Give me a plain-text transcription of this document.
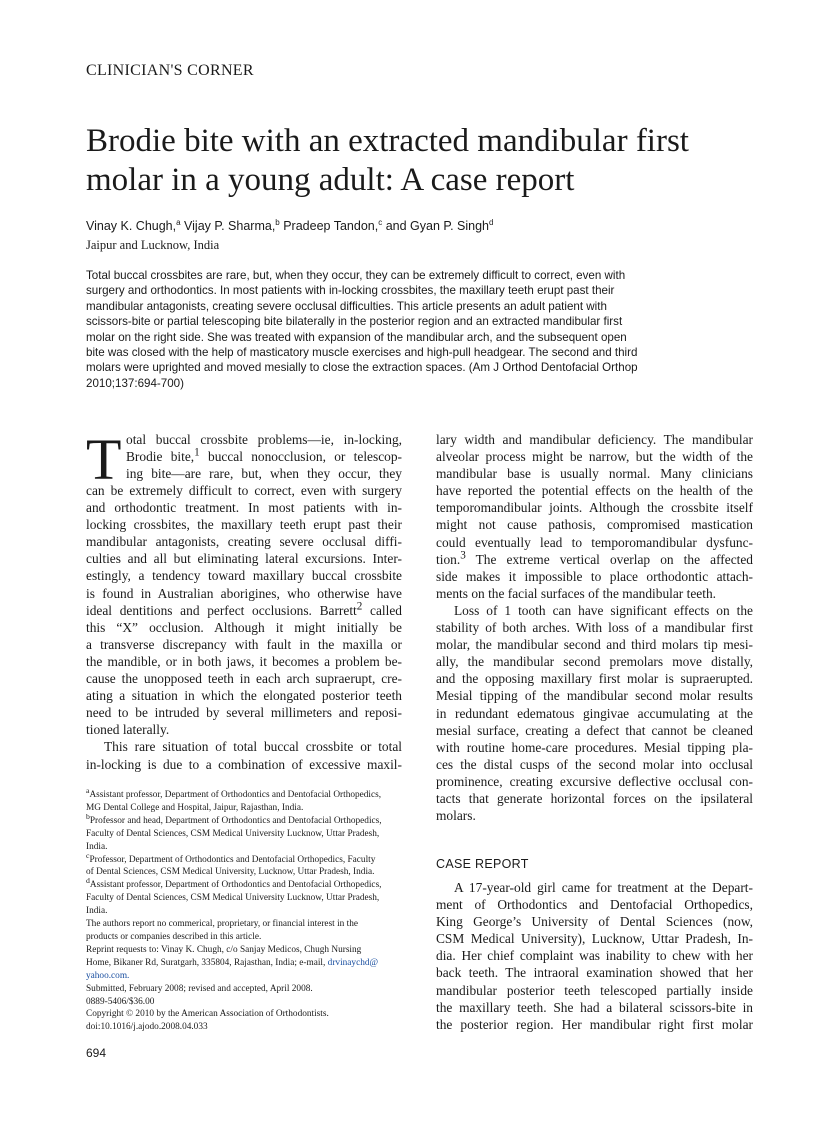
CLINICIAN'S CORNER
Brodie bite with an extracted mandibular first
molar in a young adult: A case report
Vinay K. Chugh,$^a$ Vijay P. Sharma,$^b$ Pradeep Tandon,$^c$ and Gyan P. Singh$^d$
Jaipur and Lucknow, India
Total buccal crossbites are rare, but, when they occur, they can be extremely difficult to correct, even with
surgery and orthodontics. In most patients with in-locking crossbites, the maxillary teeth erupt past their
mandibular antagonists, creating severe occlusal difficulties. This article presents an adult patient with
scissors-bite or partial telescoping bite bilaterally in the posterior region and an extracted mandibular first
molar on the right side. She was treated with expansion of the mandibular arch, and the subsequent open
bite was closed with the help of masticatory muscle exercises and high-pull headgear. The second and third
molars were uprighted and moved mesially to close the extraction spaces. (Am J Orthod Dentofacial Orthop
2010;137:694-700)
T otal buccal crossbite problems—ie, in-locking,
Brodie bite,$^1$ buccal nonocclusion, or telescop-
ing bite—are rare, but, when they occur, they
can be extremely difficult to correct, even with surgery
and orthodontic treatment. In most patients with in-
locking crossbites, the maxillary teeth erupt past their
mandibular antagonists, creating severe occlusal diffi-
culties and all but eliminating lateral excursions. Inter-
estingly, a tendency toward maxillary buccal crossbite
is found in Australian aborigines, who otherwise have
ideal dentitions and perfect occlusions. Barrett$^2$ called
this “X” occlusion. Although it might initially be
a transverse discrepancy with fault in the maxilla or
the mandible, or in both jaws, it becomes a problem be-
cause the unopposed teeth in each arch supraerupt, cre-
ating a situation in which the elongated posterior teeth
need to be intruded by several millimeters and reposi-
tioned laterally.
This rare situation of total buccal crossbite or total
in-locking is due to a combination of excessive maxil-
$^a$Assistant professor, Department of Orthodontics and Dentofacial Orthopedics,
MG Dental College and Hospital, Jaipur, Rajasthan, India.
$^b$Professor and head, Department of Orthodontics and Dentofacial Orthopedics,
Faculty of Dental Sciences, CSM Medical University Lucknow, Uttar Pradesh,
India.
$^c$Professor, Department of Orthodontics and Dentofacial Orthopedics, Faculty
of Dental Sciences, CSM Medical University, Lucknow, Uttar Pradesh, India.
$^d$Assistant professor, Department of Orthodontics and Dentofacial Orthopedics,
Faculty of Dental Sciences, CSM Medical University Lucknow, Uttar Pradesh,
India.
The authors report no commerical, proprietary, or financial interest in the
products or companies described in this article.
Reprint requests to: Vinay K. Chugh, c/o Sanjay Medicos, Chugh Nursing
Home, Bikaner Rd, Suratgarh, 335804, Rajasthan, India; e-mail, drvinaychd@
yahoo.com.
Submitted, February 2008; revised and accepted, April 2008.
0889-5406/$36.00
Copyright © 2010 by the American Association of Orthodontists.
doi:10.1016/j.ajodo.2008.04.033
694
lary width and mandibular deficiency. The mandibular
alveolar process might be narrow, but the width of the
mandibular base is usually normal. Many clinicians
have reported the potential effects on the health of the
temporomandibular joints. Although the crossbite itself
might not cause pathosis, compromised mastication
could eventually lead to temporomandibular dysfunc-
tion.$^3$ The extreme vertical overlap on the affected
side makes it impossible to place orthodontic attach-
ments on the facial surfaces of the mandibular teeth.
Loss of 1 tooth can have significant effects on the
stability of both arches. With loss of a mandibular first
molar, the mandibular second and third molars tip mesi-
ally, the mandibular second premolars move distally,
and the opposing maxillary first molar is supraerupted.
Mesial tipping of the mandibular second molar results
in redundant edematous gingivae accumulating at the
mesial surface, creating a defect that cannot be cleaned
with routine home-care procedures. Mesial tipping pla-
ces the distal cusps of the second molar into occlusal
prominence, creating excursive deflective occlusal con-
tacts that generate horizontal forces on the ipsilateral
molars.
CASE REPORT
A 17-year-old girl came for treatment at the Depart-
ment of Orthodontics and Dentofacial Orthopedics,
King George’s University of Dental Sciences (now,
CSM Medical University), Lucknow, Uttar Pradesh, In-
dia. Her chief complaint was inability to chew with her
back teeth. The intraoral examination showed that her
mandibular posterior teeth telescoped partially inside
the maxillary teeth. She had a bilateral scissors-bite in
the posterior region. Her mandibular right first molar
